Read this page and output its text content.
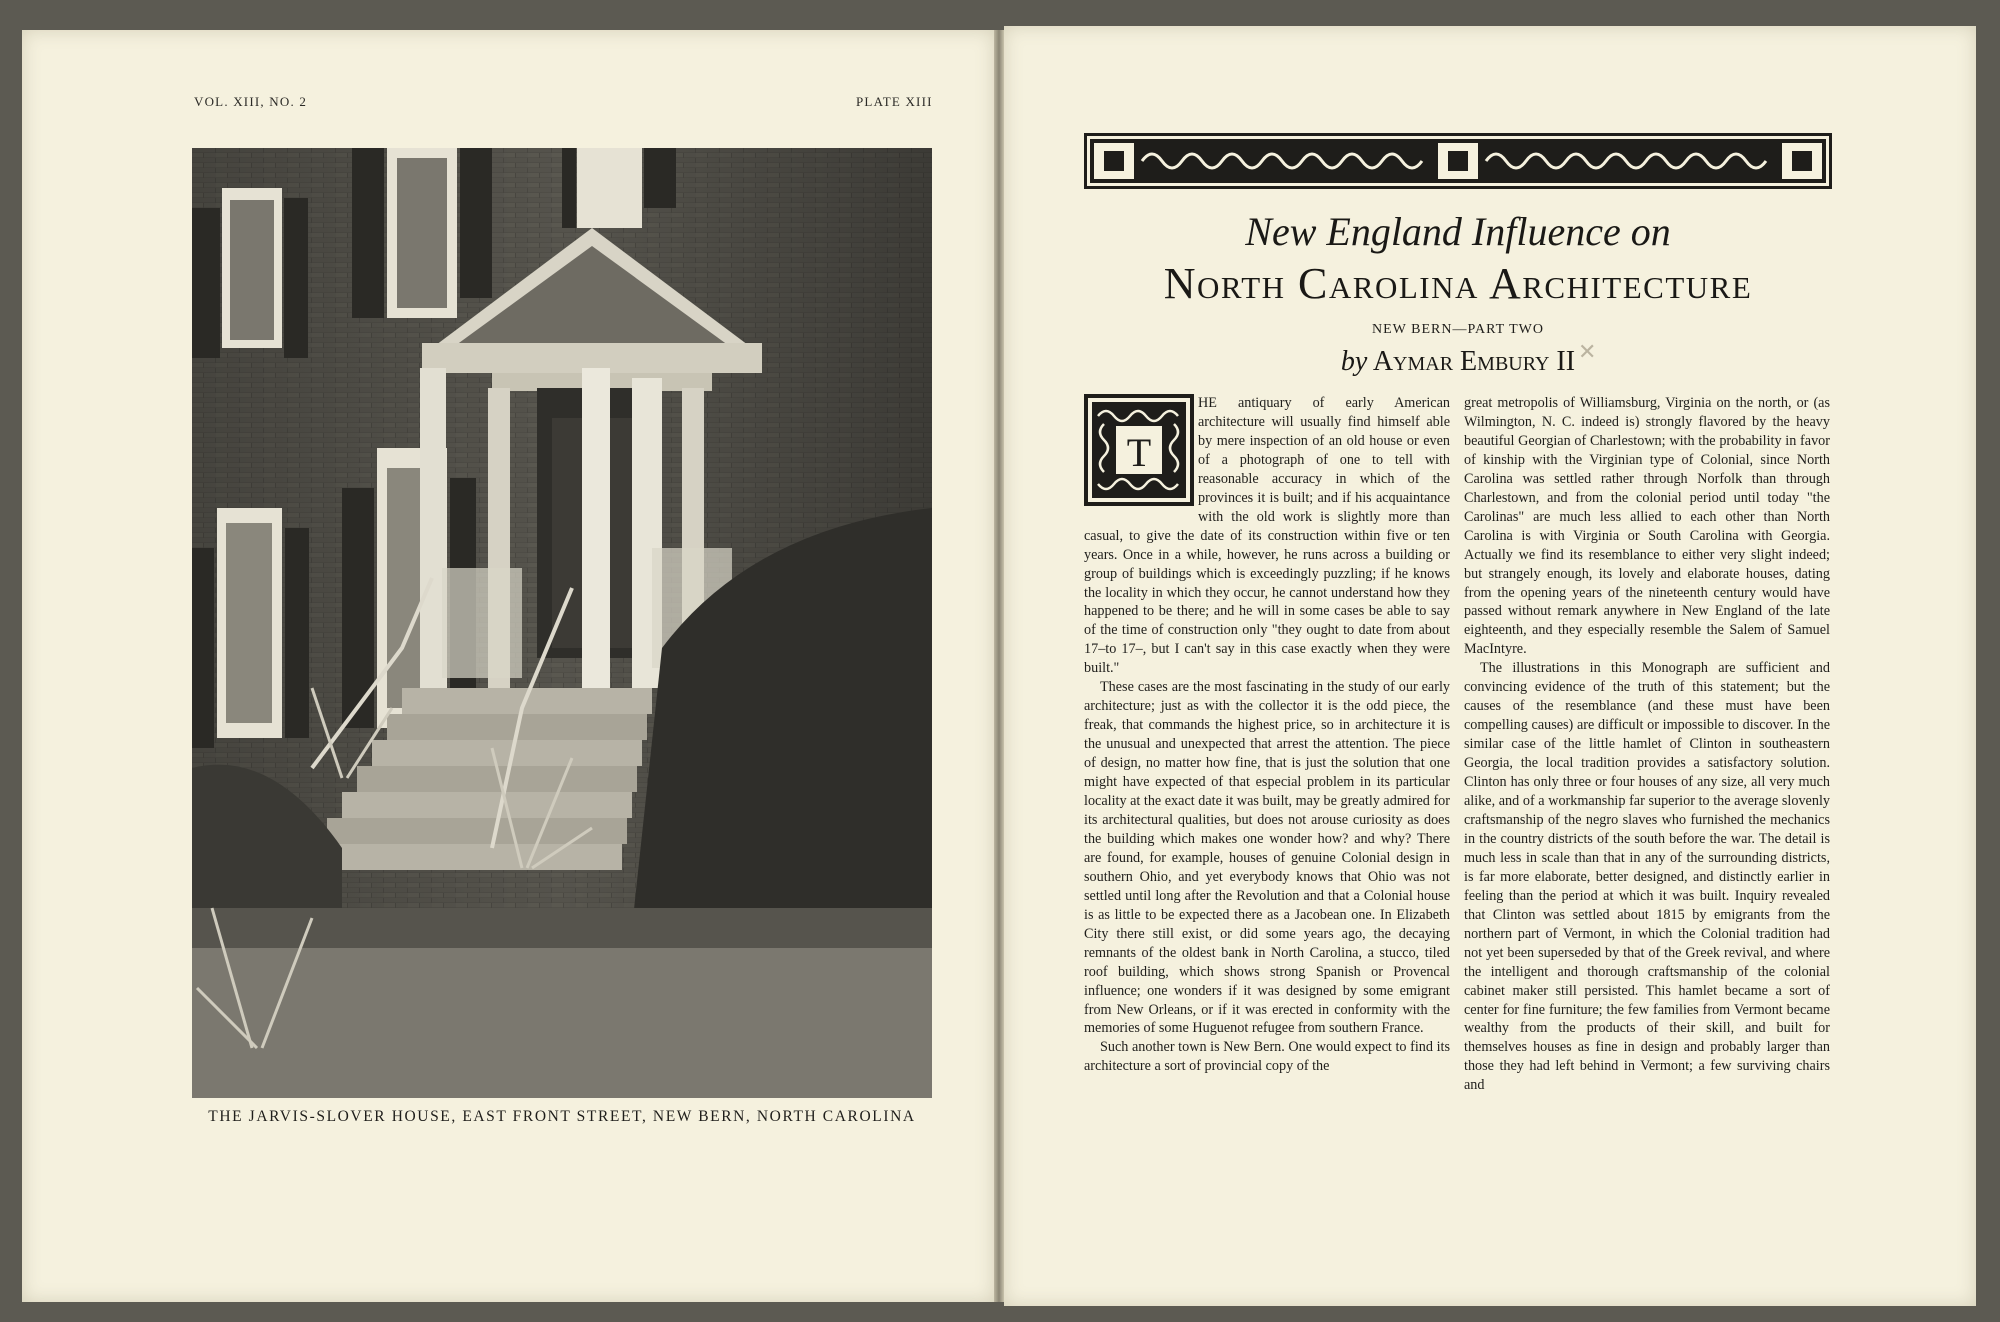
VOL. XIII, NO. 2	PLATE XIII
THE JARVIS-SLOVER HOUSE, EAST FRONT STREET, NEW BERN, NORTH CAROLINA
New England Influence on
North Carolina Architecture
NEW BERN—PART TWO
by Aymar Embury II ✕
T

HE antiquary of early American architecture will usually find himself able by mere inspection of an old house or even of a photograph of one to tell with reasonable accuracy in which of the provinces it is built; and if his acquaintance with the old work is slightly more than casual, to give the date of its construction within five or ten years. Once in a while, however, he runs across a building or group of buildings which is exceedingly puzzling; if he knows the locality in which they occur, he cannot understand how they happened to be there; and he will in some cases be able to say of the time of construction only "they ought to date from about 17–to 17–, but I can't say in this case exactly when they were built."

These cases are the most fascinating in the study of our early architecture; just as with the collector it is the odd piece, the freak, that commands the highest price, so in architecture it is the unusual and unexpected that arrest the attention. The piece of design, no matter how fine, that is just the solution that one might have expected of that especial problem in its particular locality at the exact date it was built, may be greatly admired for its architectural qualities, but does not arouse curiosity as does the building which makes one wonder how? and why? There are found, for example, houses of genuine Colonial design in southern Ohio, and yet everybody knows that Ohio was not settled until long after the Revolution and that a Colonial house is as little to be expected there as a Jacobean one. In Elizabeth City there still exist, or did some years ago, the decaying remnants of the oldest bank in North Carolina, a stucco, tiled roof building, which shows strong Spanish or Provencal influence; one wonders if it was designed by some emigrant from New Orleans, or if it was erected in conformity with the memories of some Huguenot refugee from southern France.

Such another town is New Bern. One would expect to find its architecture a sort of provincial copy of the

great metropolis of Williamsburg, Virginia on the north, or (as Wilmington, N. C. indeed is) strongly flavored by the heavy beautiful Georgian of Charlestown; with the probability in favor of kinship with the Virginian type of Colonial, since North Carolina was settled rather through Norfolk than through Charlestown, and from the colonial period until today "the Carolinas" are much less allied to each other than North Carolina is with Virginia or South Carolina with Georgia. Actually we find its resemblance to either very slight indeed; but strangely enough, its lovely and elaborate houses, dating from the opening years of the nineteenth century would have passed without remark anywhere in New England of the late eighteenth, and they especially resemble the Salem of Samuel MacIntyre.

The illustrations in this Monograph are sufficient and convincing evidence of the truth of this statement; but the causes of the resemblance (and these must have been compelling causes) are difficult or impossible to discover. In the similar case of the little hamlet of Clinton in southeastern Georgia, the local tradition provides a satisfactory solution. Clinton has only three or four houses of any size, all very much alike, and of a workmanship far superior to the average slovenly craftsmanship of the negro slaves who furnished the mechanics in the country districts of the south before the war. The detail is much less in scale than that in any of the surrounding districts, is far more elaborate, better designed, and distinctly earlier in feeling than the period at which it was built. Inquiry revealed that Clinton was settled about 1815 by emigrants from the northern part of Vermont, in which the Colonial tradition had not yet been superseded by that of the Greek revival, and where the intelligent and thorough craftsmanship of the colonial cabinet maker still persisted. This hamlet became a sort of center for fine furniture; the few families from Vermont became wealthy from the products of their skill, and built for themselves houses as fine in design and probably larger than those they had left behind in Vermont; a few surviving chairs and
